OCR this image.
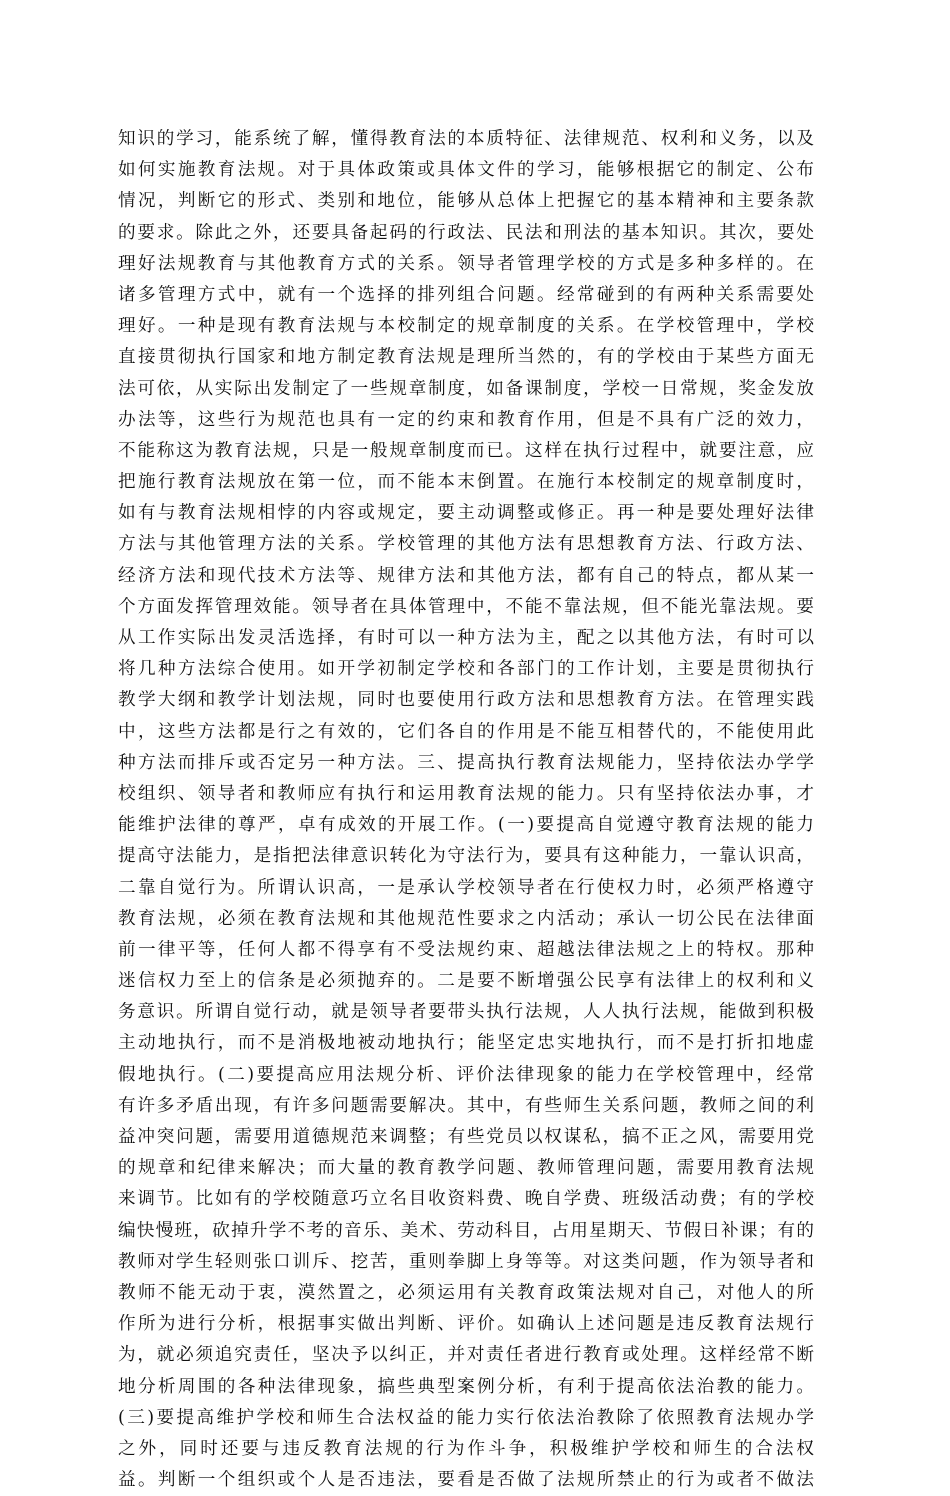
知识的学习，能系统了解，懂得教育法的本质特征、法律规范、权利和义务，以及
如何实施教育法规。对于具体政策或具体文件的学习，能够根据它的制定、公布
情况，判断它的形式、类别和地位，能够从总体上把握它的基本精神和主要条款
的要求。除此之外，还要具备起码的行政法、民法和刑法的基本知识。其次，要处
理好法规教育与其他教育方式的关系。领导者管理学校的方式是多种多样的。在
诸多管理方式中，就有一个选择的排列组合问题。经常碰到的有两种关系需要处
理好。一种是现有教育法规与本校制定的规章制度的关系。在学校管理中，学校
直接贯彻执行国家和地方制定教育法规是理所当然的，有的学校由于某些方面无
法可依，从实际出发制定了一些规章制度，如备课制度，学校一日常规，奖金发放
办法等，这些行为规范也具有一定的约束和教育作用，但是不具有广泛的效力，
不能称这为教育法规，只是一般规章制度而已。这样在执行过程中，就要注意，应
把施行教育法规放在第一位，而不能本末倒置。在施行本校制定的规章制度时，
如有与教育法规相悖的内容或规定，要主动调整或修正。再一种是要处理好法律
方法与其他管理方法的关系。学校管理的其他方法有思想教育方法、行政方法、
经济方法和现代技术方法等、规律方法和其他方法，都有自己的特点，都从某一
个方面发挥管理效能。领导者在具体管理中，不能不靠法规，但不能光靠法规。要
从工作实际出发灵活选择，有时可以一种方法为主，配之以其他方法，有时可以
将几种方法综合使用。如开学初制定学校和各部门的工作计划，主要是贯彻执行
教学大纲和教学计划法规，同时也要使用行政方法和思想教育方法。在管理实践
中，这些方法都是行之有效的，它们各自的作用是不能互相替代的，不能使用此
种方法而排斥或否定另一种方法。三、提高执行教育法规能力，坚持依法办学学
校组织、领导者和教师应有执行和运用教育法规的能力。只有坚持依法办事，才
能维护法律的尊严，卓有成效的开展工作。(一)要提高自觉遵守教育法规的能力
提高守法能力，是指把法律意识转化为守法行为，要具有这种能力，一靠认识高，
二靠自觉行为。所谓认识高，一是承认学校领导者在行使权力时，必须严格遵守
教育法规，必须在教育法规和其他规范性要求之内活动；承认一切公民在法律面
前一律平等，任何人都不得享有不受法规约束、超越法律法规之上的特权。那种
迷信权力至上的信条是必须抛弃的。二是要不断增强公民享有法律上的权利和义
务意识。所谓自觉行动，就是领导者要带头执行法规，人人执行法规，能做到积极
主动地执行，而不是消极地被动地执行；能坚定忠实地执行，而不是打折扣地虚
假地执行。(二)要提高应用法规分析、评价法律现象的能力在学校管理中，经常
有许多矛盾出现，有许多问题需要解决。其中，有些师生关系问题，教师之间的利
益冲突问题，需要用道德规范来调整；有些党员以权谋私，搞不正之风，需要用党
的规章和纪律来解决；而大量的教育教学问题、教师管理问题，需要用教育法规
来调节。比如有的学校随意巧立名目收资料费、晚自学费、班级活动费；有的学校
编快慢班，砍掉升学不考的音乐、美术、劳动科目，占用星期天、节假日补课；有的
教师对学生轻则张口训斥、挖苦，重则拳脚上身等等。对这类问题，作为领导者和
教师不能无动于衷，漠然置之，必须运用有关教育政策法规对自己，对他人的所
作所为进行分析，根据事实做出判断、评价。如确认上述问题是违反教育法规行
为，就必须追究责任，坚决予以纠正，并对责任者进行教育或处理。这样经常不断
地分析周围的各种法律现象，搞些典型案例分析，有利于提高依法治教的能力。
(三)要提高维护学校和师生合法权益的能力实行依法治教除了依照教育法规办学
之外，同时还要与违反教育法规的行为作斗争，积极维护学校和师生的合法权
益。判断一个组织或个人是否违法，要看是否做了法规所禁止的行为或者不做法
